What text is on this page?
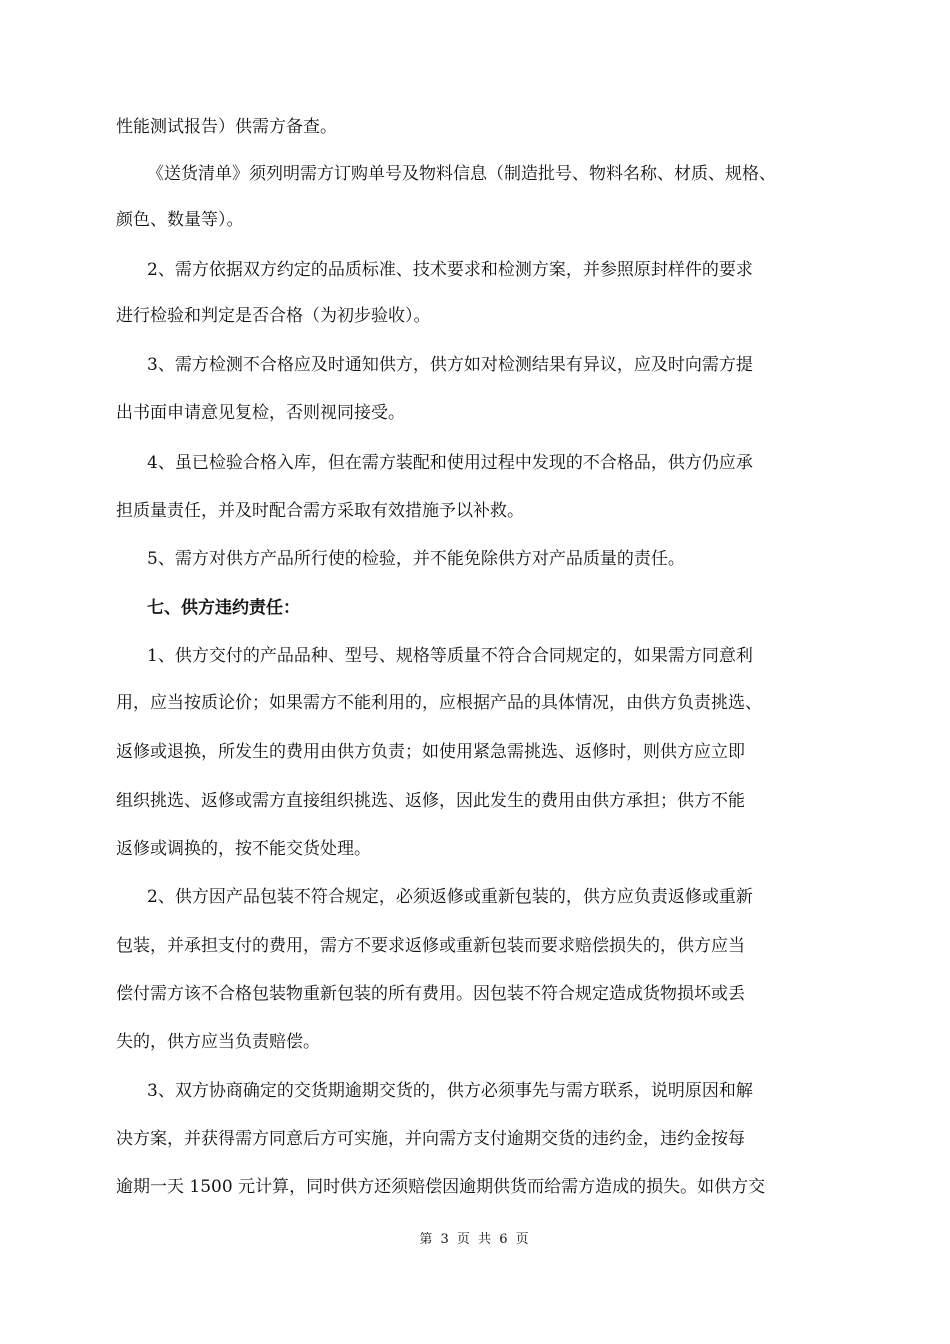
性能测试报告）供需方备查。
《送货清单》须列明需方订购单号及物料信息（制造批号、物料名称、材质、规格、
颜色、数量等）。
2、需方依据双方约定的品质标准、技术要求和检测方案，并参照原封样件的要求
进行检验和判定是否合格（为初步验收）。
3、需方检测不合格应及时通知供方，供方如对检测结果有异议，应及时向需方提
出书面申请意见复检，否则视同接受。
4、虽已检验合格入库，但在需方装配和使用过程中发现的不合格品，供方仍应承
担质量责任，并及时配合需方采取有效措施予以补救。
5、需方对供方产品所行使的检验，并不能免除供方对产品质量的责任。
七、供方违约责任：
1、供方交付的产品品种、型号、规格等质量不符合合同规定的，如果需方同意利
用，应当按质论价；如果需方不能利用的，应根据产品的具体情况，由供方负责挑选、
返修或退换，所发生的费用由供方负责；如使用紧急需挑选、返修时，则供方应立即
组织挑选、返修或需方直接组织挑选、返修，因此发生的费用由供方承担；供方不能
返修或调换的，按不能交货处理。
2、供方因产品包装不符合规定，必须返修或重新包装的，供方应负责返修或重新
包装，并承担支付的费用，需方不要求返修或重新包装而要求赔偿损失的，供方应当
偿付需方该不合格包装物重新包装的所有费用。因包装不符合规定造成货物损坏或丢
失的，供方应当负责赔偿。
3、双方协商确定的交货期逾期交货的，供方必须事先与需方联系，说明原因和解
决方案，并获得需方同意后方可实施，并向需方支付逾期交货的违约金，违约金按每
逾期一天 1500 元计算，同时供方还须赔偿因逾期供货而给需方造成的损失。如供方交
第 3 页 共 6 页
